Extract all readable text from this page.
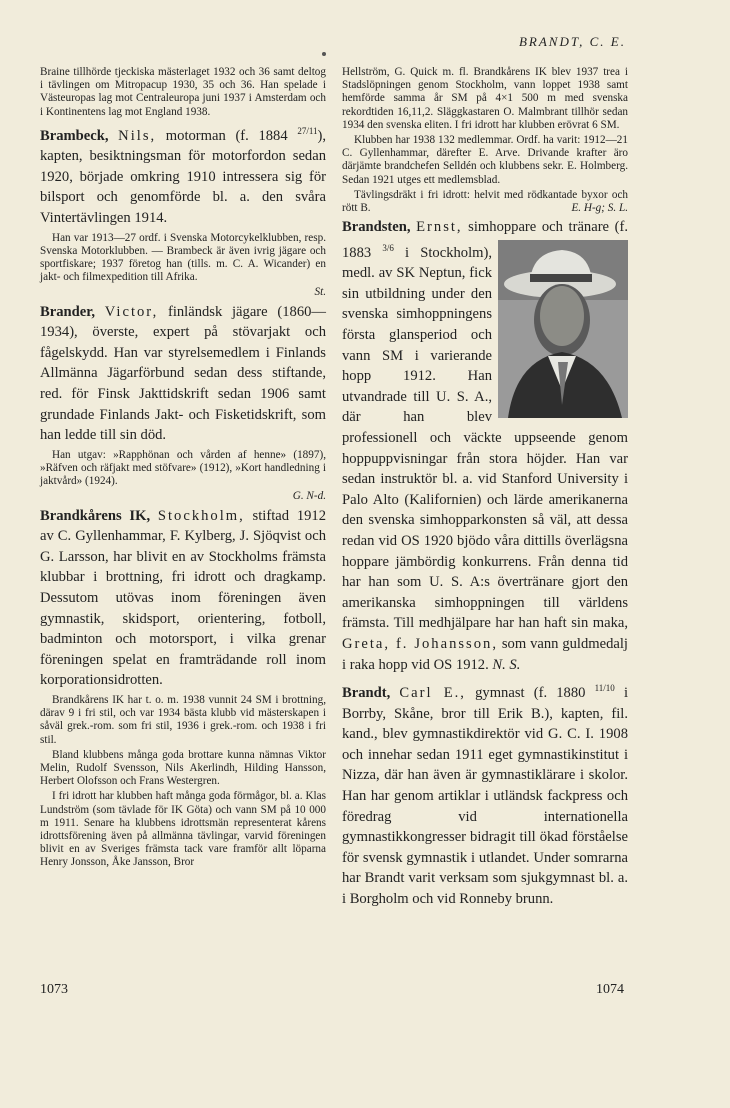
BRANDT, C. E.

Braine tillhörde tjeckiska mästerlaget 1932 och 36 samt deltog i tävlingen om Mitropacup 1930, 35 och 36. Han spelade i Västeuropas lag mot Centraleuropa juni 1937 i Amsterdam och i Kontinentens lag mot England 1938.

Brambeck, Nils, motorman (f. 1884 $^{27/11}$), kapten, besiktningsman för motorfordon sedan 1920, började omkring 1910 intressera sig för bilsport och genomförde bl. a. den svåra Vintertävlingen 1914.

Han var 1913—27 ordf. i Svenska Motorcykelklubben, resp. Svenska Motorklubben. — Brambeck är även ivrig jägare och sportfiskare; 1937 företog han (tills. m. C. A. Wicander) en jakt- och filmexpedition till Afrika.

St.

Brander, Victor, finländsk jägare (1860—1934), överste, expert på stövarjakt och fågelskydd. Han var styrelsemedlem i Finlands Allmänna Jägarförbund sedan dess stiftande, red. för Finsk Jakttidskrift sedan 1906 samt grundade Finlands Jakt- och Fisketidskrift, som han ledde till sin död.

Han utgav: »Rapphönan och vården af henne» (1897), »Räfven och räfjakt med stöfvare» (1912), »Kort handledning i jaktvård» (1924).

G. N-d.

Brandkårens IK, Stockholm, stiftad 1912 av C. Gyllenhammar, F. Kylberg, J. Sjöqvist och G. Larsson, har blivit en av Stockholms främsta klubbar i brottning, fri idrott och dragkamp. Dessutom utövas inom föreningen även gymnastik, skidsport, orientering, fotboll, badminton och motorsport, i vilka grenar föreningen spelat en framträdande roll inom korporationsidrotten.

Brandkårens IK har t. o. m. 1938 vunnit 24 SM i brottning, därav 9 i fri stil, och var 1934 bästa klubb vid mästerskapen i såväl grek.-rom. som fri stil, 1936 i grek.-rom. och 1938 i fri stil.

Bland klubbens många goda brottare kunna nämnas Viktor Melin, Rudolf Svensson, Nils Akerlindh, Hilding Hansson, Herbert Olofsson och Frans Westergren.

I fri idrott har klubben haft många goda förmågor, bl. a. Klas Lundström (som tävlade för IK Göta) och vann SM på 10 000 m 1911. Senare ha klubbens idrottsmän representerat kårens idrottsförening även på allmänna tävlingar, varvid föreningen blivit en av Sveriges främsta tack vare framför allt löparna Henry Jonsson, Åke Jansson, Bror

Hellström, G. Quick m. fl. Brandkårens IK blev 1937 trea i Stadslöpningen genom Stockholm, vann loppet 1938 samt hemförde samma år SM på 4×1 500 m med svenska rekordtiden 16,11,2. Släggkastaren O. Malmbrant tillhör sedan 1934 den svenska eliten. I fri idrott har klubben erövrat 6 SM.

Klubben har 1938 132 medlemmar. Ordf. ha varit: 1912—21 C. Gyllenhammar, därefter E. Arve. Drivande krafter äro därjämte brandchefen Selldén och klubbens sekr. E. Holmberg. Sedan 1921 utges ett medlemsblad.

Tävlingsdräkt i fri idrott: helvit med rödkantade byxor och rött B.	E. H-g; S. L.

Brandsten, Ernst, simhoppare och tränare (f. 1883 $^{3/6}$
i Stockholm), medl. av SK Neptun, fick sin utbildning under den svenska simhoppningens första glansperiod och vann SM i varierande hopp 1912. Han utvandrade till U. S. A., där han blev professionell och väckte uppseende genom hoppuppvisningar från stora höjder. Han var sedan instruktör bl. a. vid Stanford University i Palo Alto (Kalifornien) och lärde amerikanerna den svenska simhopparkonsten så väl, att dessa redan vid OS 1920 bjödo våra dittills överlägsna hoppare jämbördig konkurrens. Från denna tid har han som U. S. A:s övertränare gjort den amerikanska simhoppningen till världens främsta. Till medhjälpare har han haft sin maka, Greta, f. Johansson, som vann guldmedalj i raka hopp vid OS 1912. N. S.

Brandt, Carl E., gymnast (f. 1880 $^{11/10}$ i Borrby, Skåne, bror till Erik B.), kapten, fil. kand., blev gymnastikdirektör vid G. C. I. 1908 och innehar sedan 1911 eget gymnastikinstitut i Nizza, där han även är gymnastiklärare i skolor. Han har genom artiklar i utländsk fackpress och föredrag vid internationella gymnastikkongresser bidragit till ökad förståelse för svensk gymnastik i utlandet. Under somrarna har Brandt varit verksam som sjukgymnast bl. a. i Borgholm och vid Ronneby brunn.

1073	1074
